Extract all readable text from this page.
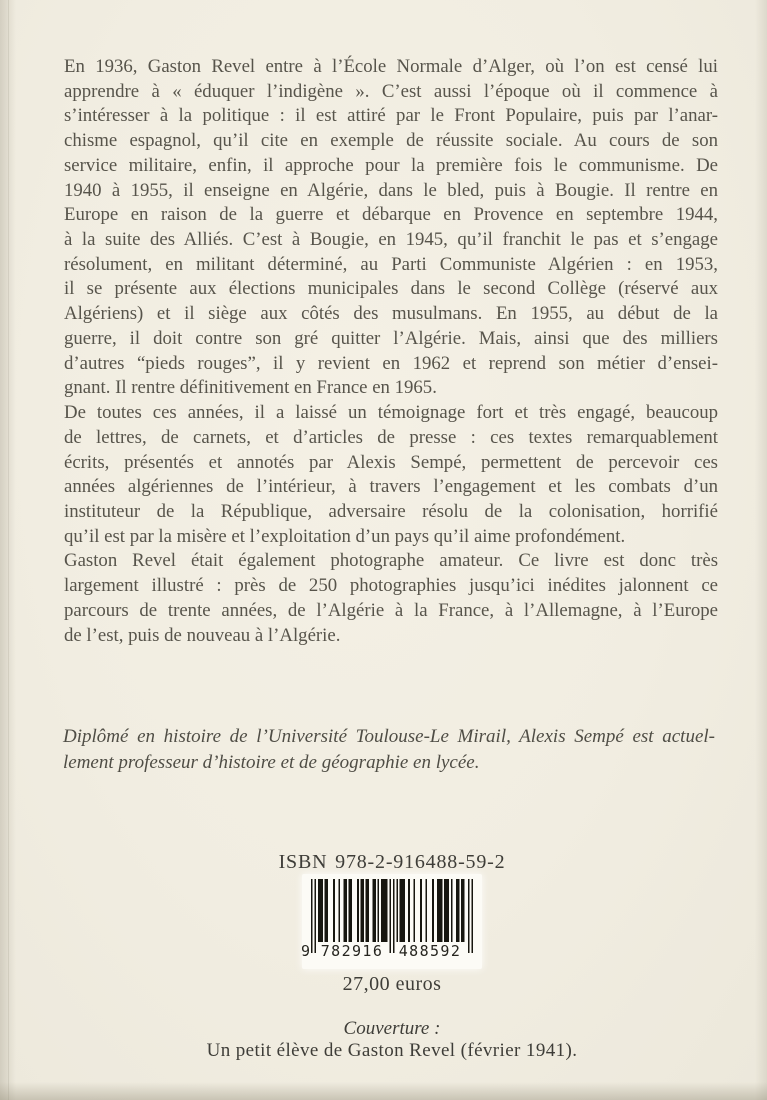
En 1936, Gaston Revel entre à l’École Normale d’Alger, où l’on est censé lui
apprendre à « éduquer l’indigène ». C’est aussi l’époque où il commence à
s’intéresser à la politique : il est attiré par le Front Populaire, puis par l’anar-
chisme espagnol, qu’il cite en exemple de réussite sociale. Au cours de son
service militaire, enfin, il approche pour la première fois le communisme. De
1940 à 1955, il enseigne en Algérie, dans le bled, puis à Bougie. Il rentre en
Europe en raison de la guerre et débarque en Provence en septembre 1944,
à la suite des Alliés. C’est à Bougie, en 1945, qu’il franchit le pas et s’engage
résolument, en militant déterminé, au Parti Communiste Algérien : en 1953,
il se présente aux élections municipales dans le second Collège (réservé aux
Algériens) et il siège aux côtés des musulmans. En 1955, au début de la
guerre, il doit contre son gré quitter l’Algérie. Mais, ainsi que des milliers
d’autres “pieds rouges”, il y revient en 1962 et reprend son métier d’ensei-
gnant. Il rentre définitivement en France en 1965.
De toutes ces années, il a laissé un témoignage fort et très engagé, beaucoup
de lettres, de carnets, et d’articles de presse : ces textes remarquablement
écrits, présentés et annotés par Alexis Sempé, permettent de percevoir ces
années algériennes de l’intérieur, à travers l’engagement et les combats d’un
instituteur de la République, adversaire résolu de la colonisation, horrifié
qu’il est par la misère et l’exploitation d’un pays qu’il aime profondément.
Gaston Revel était également photographe amateur. Ce livre est donc très
largement illustré : près de 250 photographies jusqu’ici inédites jalonnent ce
parcours de trente années, de l’Algérie à la France, à l’Allemagne, à l’Europe
de l’est, puis de nouveau à l’Algérie.
Diplômé en histoire de l’Université Toulouse-Le Mirail, Alexis Sempé est actuel-
lement professeur d’histoire et de géographie en lycée.
ISBN 978-2-916488-59-2
9 782916 488592
27,00 euros
Couverture :
Un petit élève de Gaston Revel (février 1941).
